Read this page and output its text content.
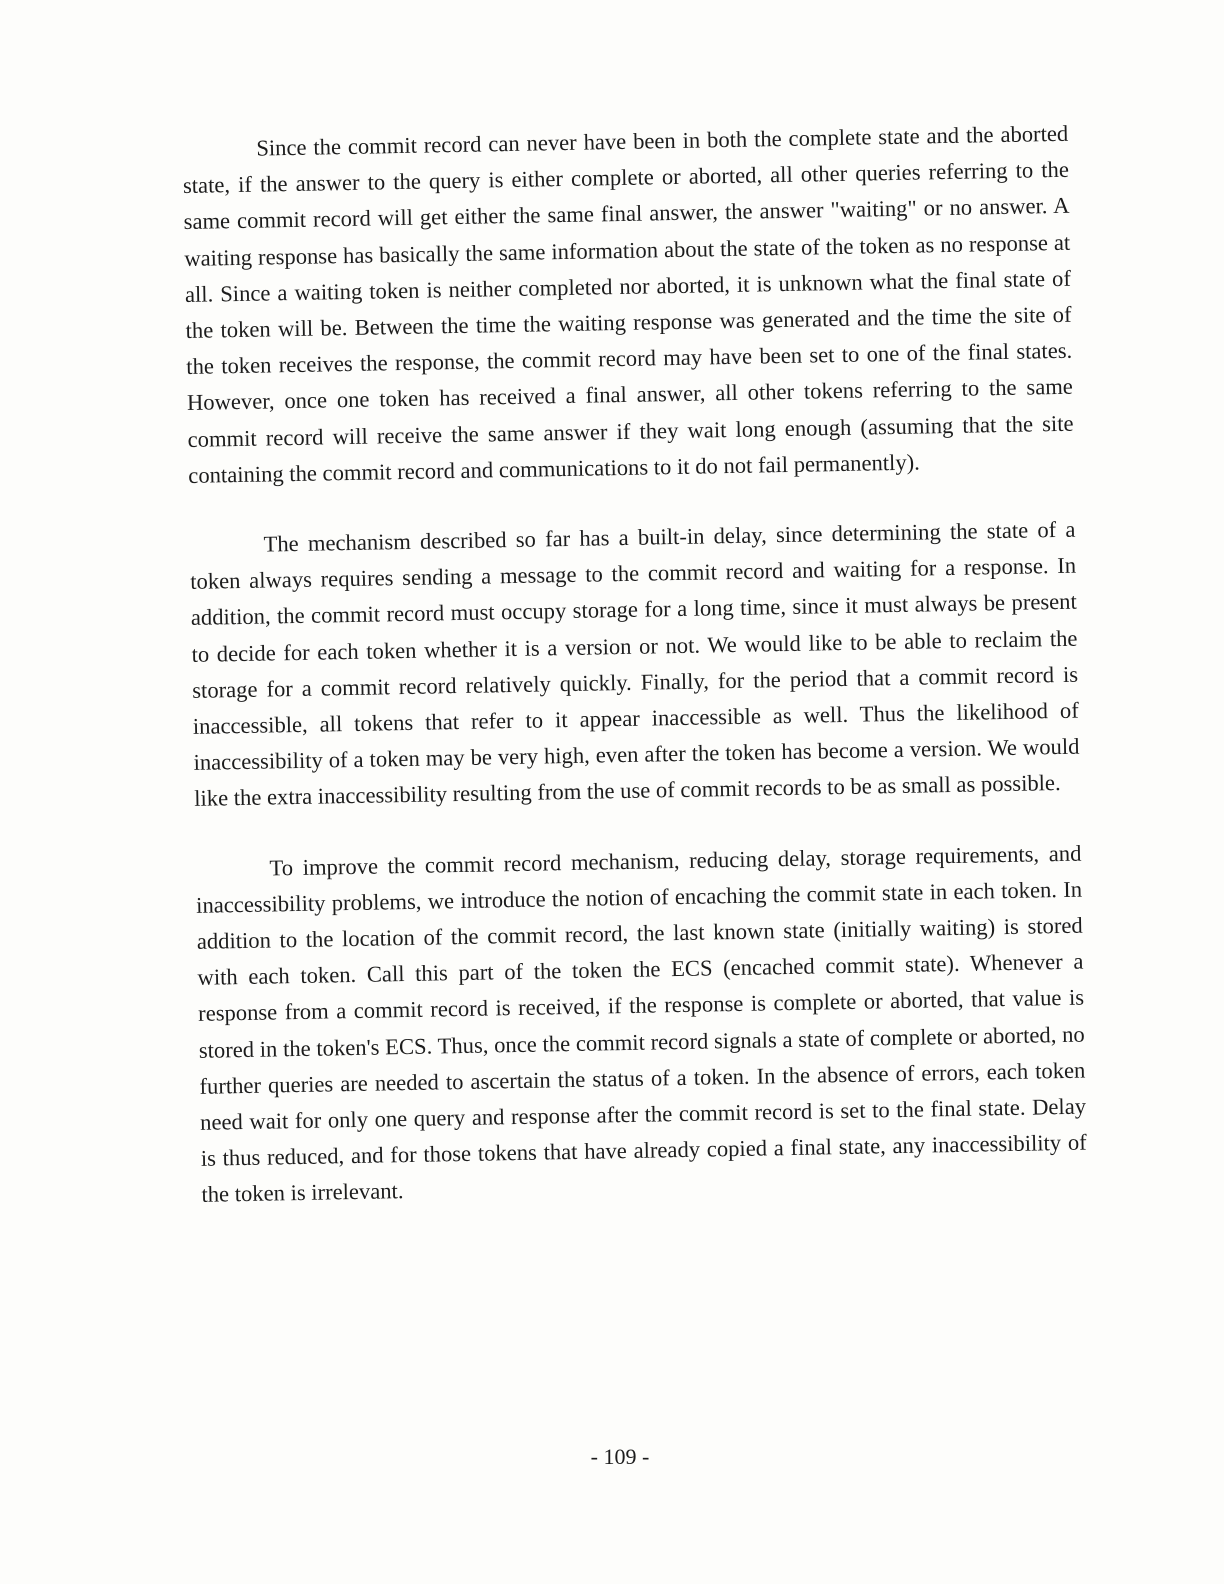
Since the commit record can never have been in both the complete state and the aborted state, if the answer to the query is either complete or aborted, all other queries referring to the same commit record will get either the same final answer, the answer "waiting" or no answer. A waiting response has basically the same information about the state of the token as no response at all. Since a waiting token is neither completed nor aborted, it is unknown what the final state of the token will be. Between the time the waiting response was generated and the time the site of the token receives the response, the commit record may have been set to one of the final states. However, once one token has received a final answer, all other tokens referring to the same commit record will receive the same answer if they wait long enough (assuming that the site containing the commit record and communications to it do not fail permanently).

The mechanism described so far has a built-in delay, since determining the state of a token always requires sending a message to the commit record and waiting for a response. In addition, the commit record must occupy storage for a long time, since it must always be present to decide for each token whether it is a version or not. We would like to be able to reclaim the storage for a commit record relatively quickly. Finally, for the period that a commit record is inaccessible, all tokens that refer to it appear inaccessible as well. Thus the likelihood of inaccessibility of a token may be very high, even after the token has become a version. We would like the extra inaccessibility resulting from the use of commit records to be as small as possible.

To improve the commit record mechanism, reducing delay, storage requirements, and inaccessibility problems, we introduce the notion of encaching the commit state in each token. In addition to the location of the commit record, the last known state (initially waiting) is stored with each token. Call this part of the token the ECS (encached commit state). Whenever a response from a commit record is received, if the response is complete or aborted, that value is stored in the token's ECS. Thus, once the commit record signals a state of complete or aborted, no further queries are needed to ascertain the status of a token. In the absence of errors, each token need wait for only one query and response after the commit record is set to the final state. Delay is thus reduced, and for those tokens that have already copied a final state, any inaccessibility of the token is irrelevant.

- 109 -
